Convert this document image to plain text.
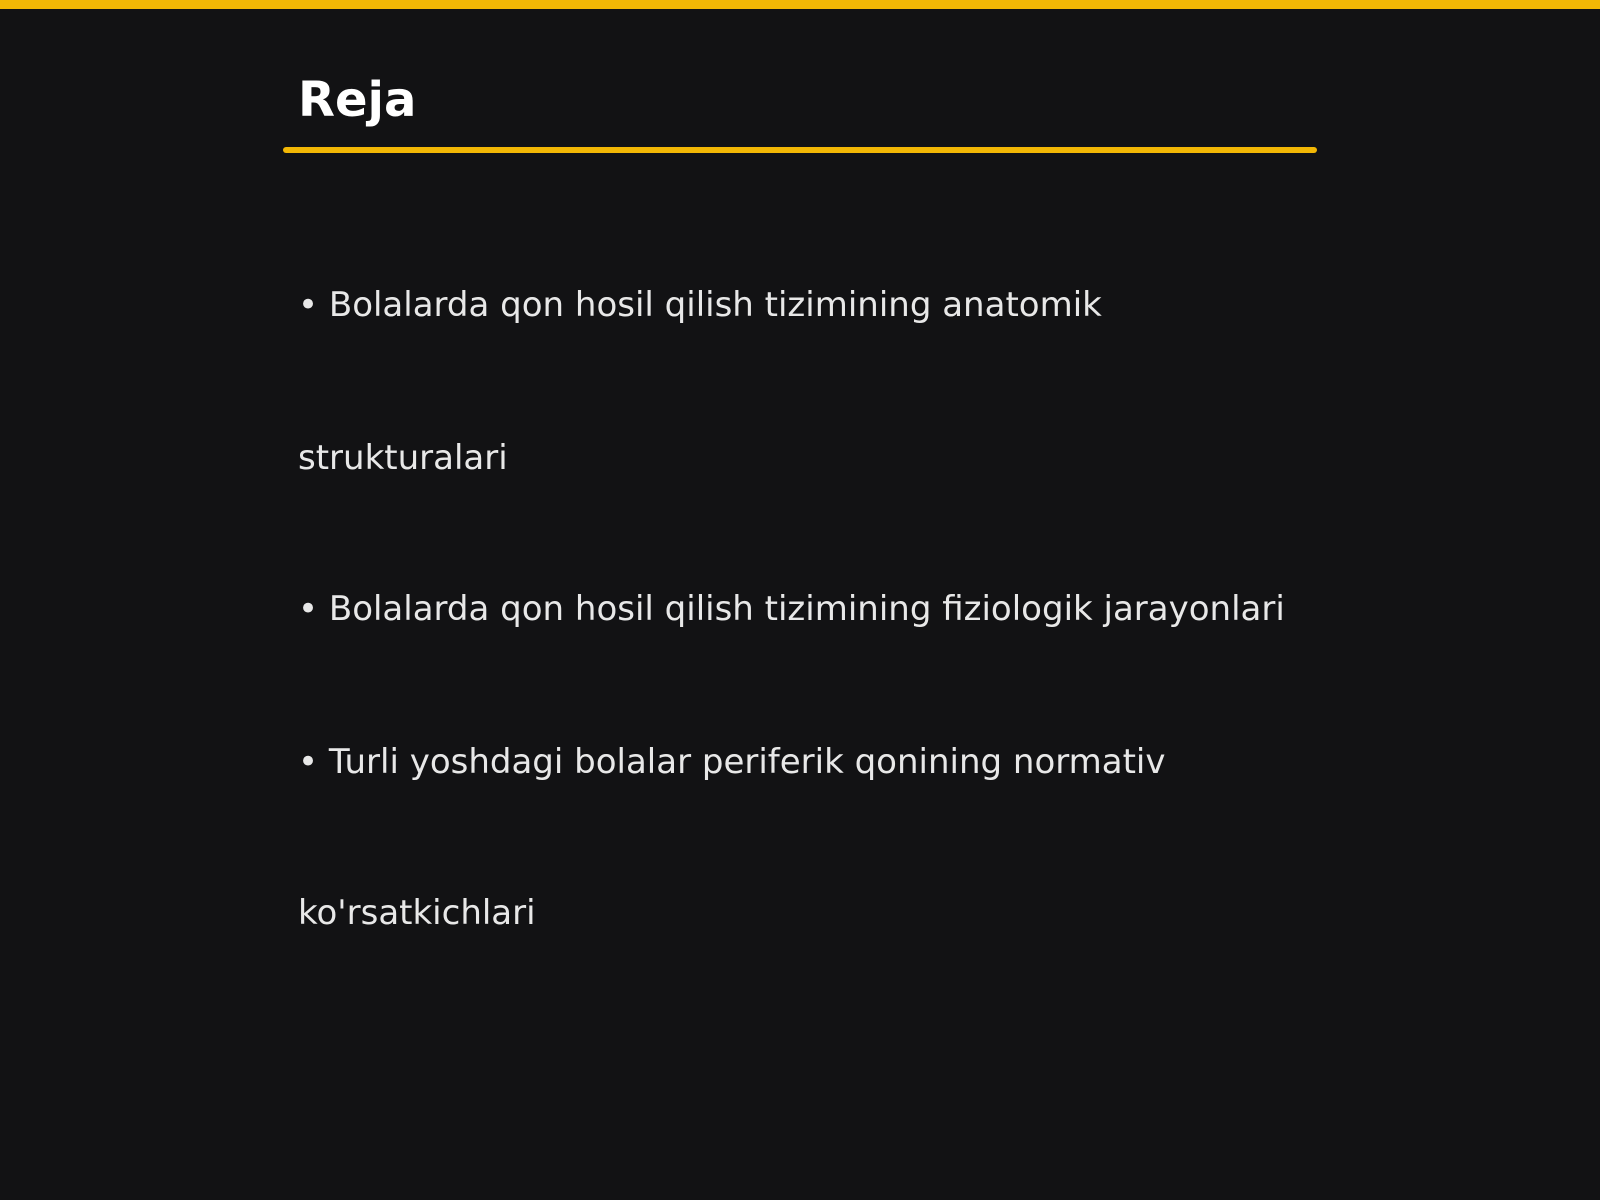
Reja

• Bolalarda qon hosil qilish tizimining anatomik

strukturalari

• Bolalarda qon hosil qilish tizimining fiziologik jarayonlari

• Turli yoshdagi bolalar periferik qonining normativ

ko'rsatkichlari
